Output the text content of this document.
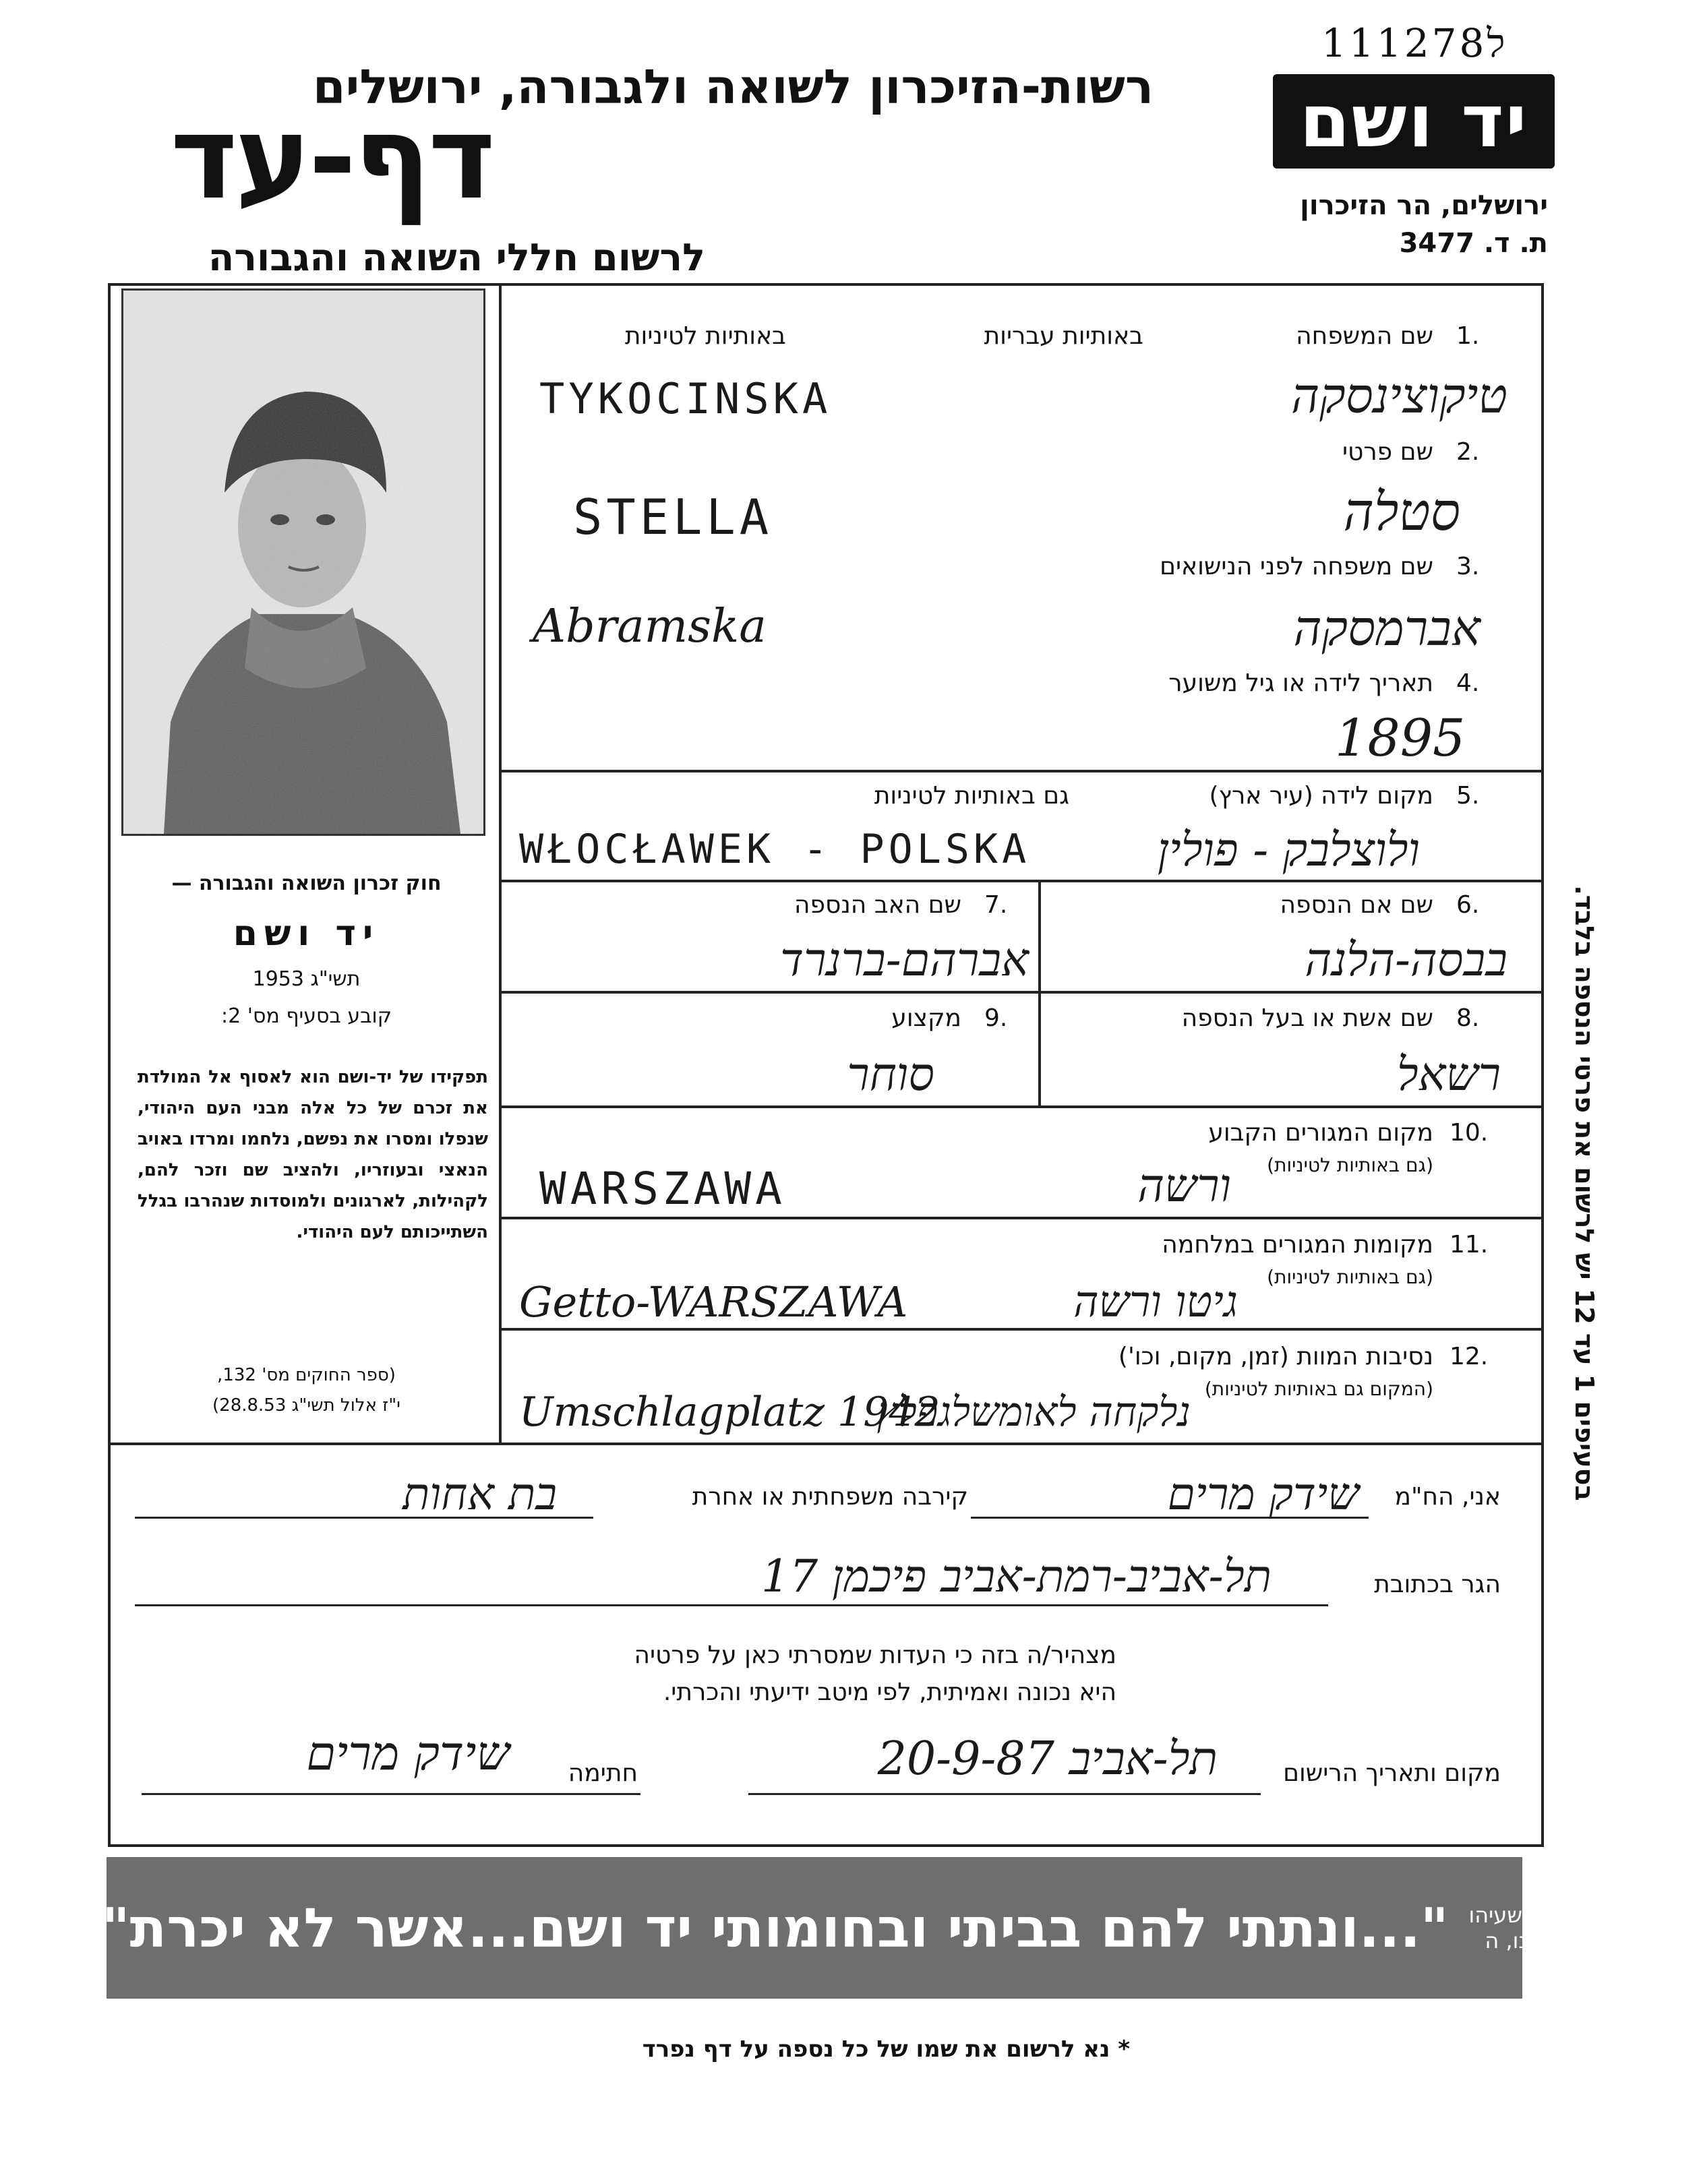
ל111278
רשות-הזיכרון לשואה ולגבורה, ירושלים
דף-עד
לרשום חללי השואה והגבורה
יד ושם
ירושלים, הר הזיכרון
ת. ד. 3477
שם המשפחה
באותיות עבריות
באותיות לטיניות	1.
TYKOCINSKA	טיקוצינסקה
2.
שם פרטי
STELLA	סטלה
3.
שם משפחה לפני הנישואים
Abramska	אברמסקה
4.
תאריך לידה או גיל משוער
1895
5.
מקום לידה (עיר ארץ)
גם באותיות לטיניות
WŁOCŁAWEK - POLSKA	ולוצלבק - פולין
6.
שם אם הנספה
בבסה-הלנה
7.
שם האב הנספה
אברהם-ברנרד
8.
שם אשת או בעל הנספה
רשאל
9.
מקצוע
סוחר
10.
מקום המגורים הקבוע
(גם באותיות לטיניות)
WARSZAWA	ורשה
11.
מקומות המגורים במלחמה
(גם באותיות לטיניות)
Getto-WARSZAWA	גיטו ורשה
12.
נסיבות המוות (זמן, מקום, וכו')
(המקום גם באותיות לטיניות)
Umschlagplatz 1942
נלקחה לאומשלגפלץ
חוק זכרון השואה והגבורה —
יד ושם
תשי"ג 1953
קובע בסעיף מס' 2:
תפקידו של יד-ושם הוא לאסוף אל המולדת את זכרם של כל אלה מבני העם היהודי, שנפלו ומסרו את נפשם, נלחמו ומרדו באויב הנאצי ובעוזריו, ולהציב שם וזכר להם, לקהילות, לארגונים ולמוסדות שנהרבו בגלל השתייכותם לעם היהודי.
(ספר החוקים מס' 132,
י"ז אלול תשי"ג 28.8.53)
בסעיפים 1 עד 12 יש לרשום את פרטי הנספה בלבד.
אני, הח"מ
שידק מרים
קירבה משפחתית או אחרת
בת אחות
הגר בכתובת
תל-אביב-רמת-אביב פיכמן 17
מצהיר/ה בזה כי העדות שמסרתי כאן על פרטיה
היא נכונה ואמיתית, לפי מיטב ידיעתי והכרתי.
מקום ותאריך הרישום
תל-אביב 20-9-87
חתימה
שידק מרים
"...ונתתי להם בביתי ובחומותי יד ושם...אשר לא יכרת" ישעיהו נו, ה
* נא לרשום את שמו של כל נספה על דף נפרד
